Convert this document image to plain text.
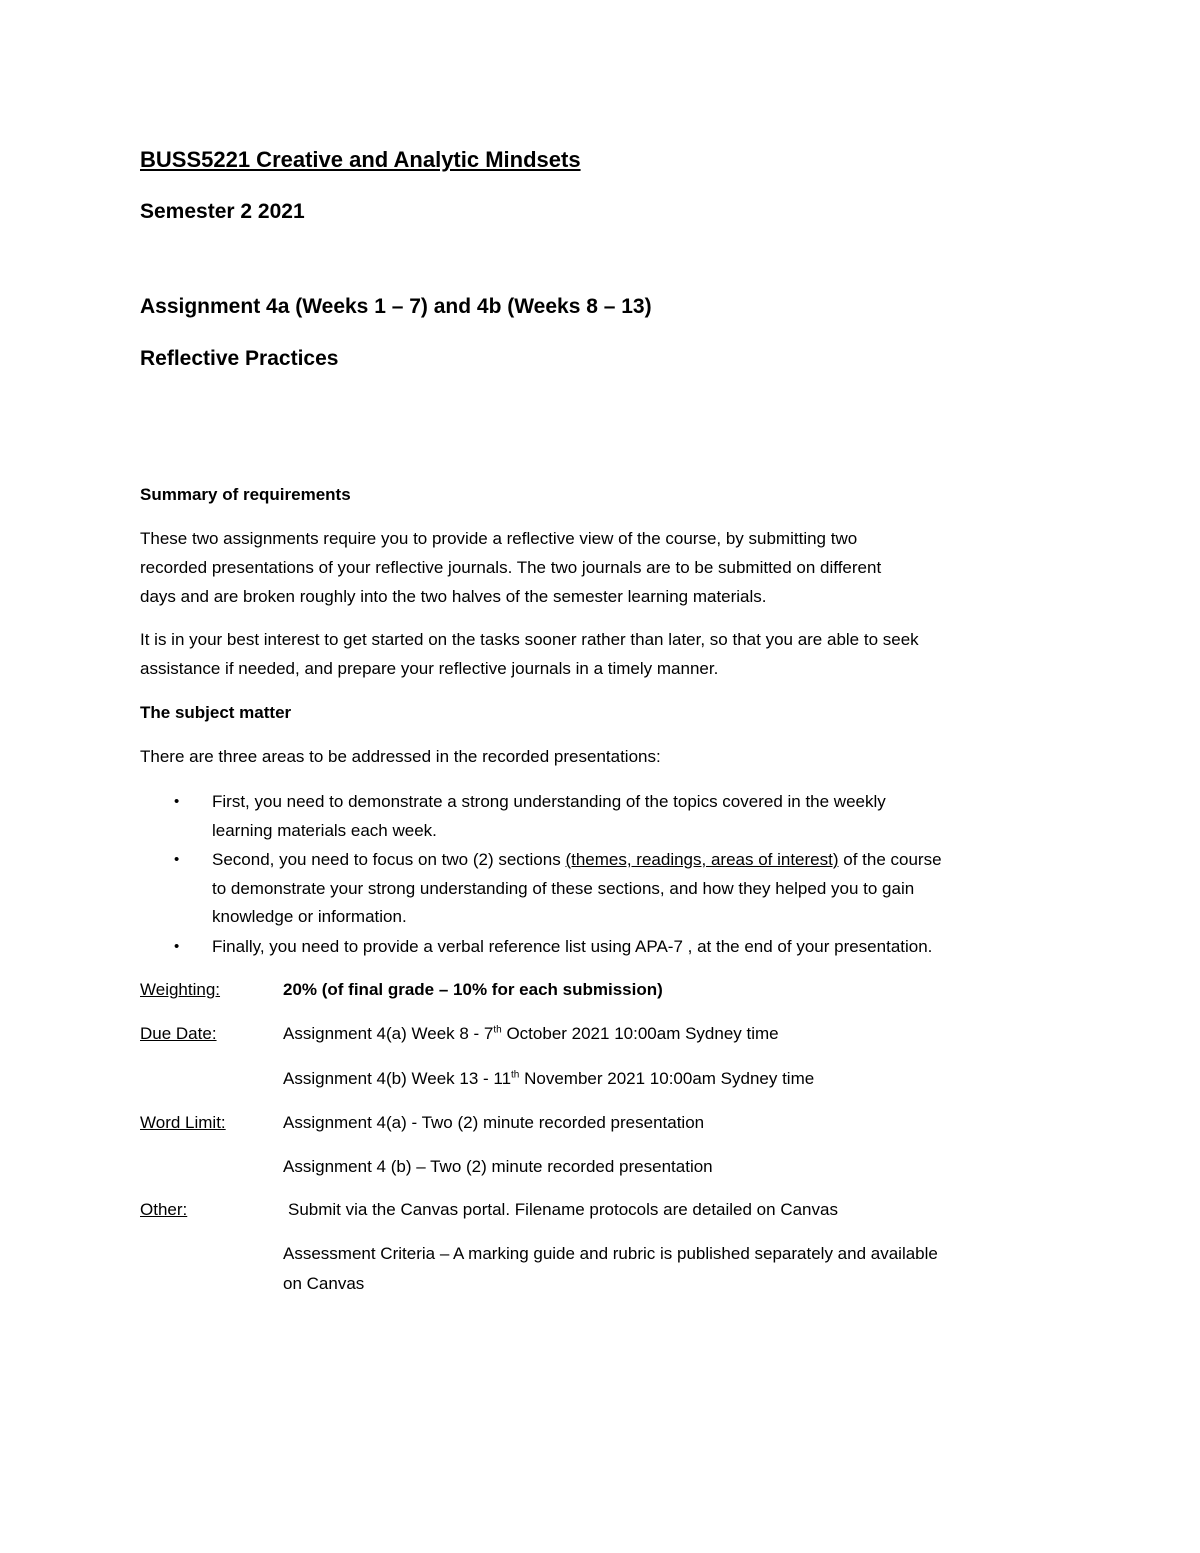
BUSS5221 Creative and Analytic Mindsets
Semester 2 2021
Assignment 4a (Weeks 1 – 7) and 4b (Weeks 8 – 13)
Reflective Practices
Summary of requirements
These two assignments require you to provide a reflective view of the course, by submitting two
recorded presentations of your reflective journals. The two journals are to be submitted on different
days and are broken roughly into the two halves of the semester learning materials.
It is in your best interest to get started on the tasks sooner rather than later, so that you are able to seek
assistance if needed, and prepare your reflective journals in a timely manner.
The subject matter
There are three areas to be addressed in the recorded presentations:
• First, you need to demonstrate a strong understanding of the topics covered in the weekly
learning materials each week.
• Second, you need to focus on two (2) sections (themes, readings, areas of interest) of the course
to demonstrate your strong understanding of these sections, and how they helped you to gain
knowledge or information.
• Finally, you need to provide a verbal reference list using APA-7 , at the end of your presentation.
Weighting:	20% (of final grade – 10% for each submission)
Due Date:	Assignment 4(a) Week 8 - 7th October 2021 10:00am Sydney time
Assignment 4(b) Week 13 - 11th November 2021 10:00am Sydney time
Word Limit:	Assignment 4(a) - Two (2) minute recorded presentation
Assignment 4 (b) – Two (2) minute recorded presentation
Other:	Submit via the Canvas portal. Filename protocols are detailed on Canvas
Assessment Criteria – A marking guide and rubric is published separately and available
on Canvas
